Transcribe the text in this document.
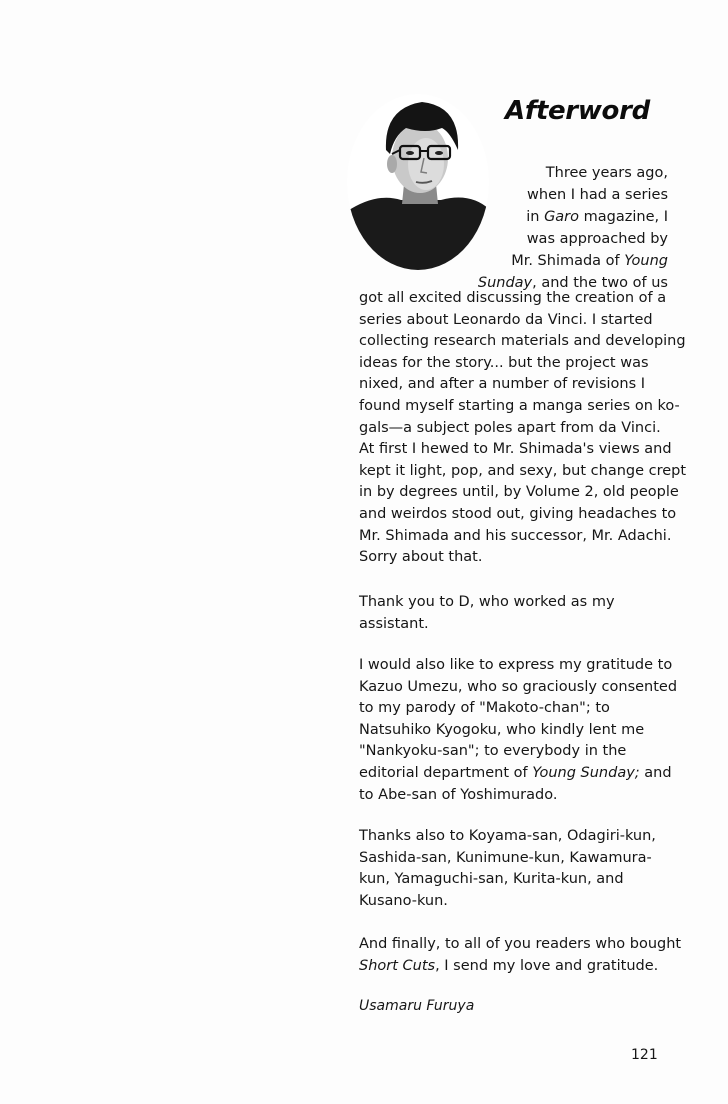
Afterword
Three years ago,
when I had a series
in Garo magazine, I
was approached by
Mr. Shimada of Young
Sunday, and the two of us

got all excited discussing the creation of a
series about Leonardo da Vinci. I started
collecting research materials and developing
ideas for the story... but the project was
nixed, and after a number of revisions I
found myself starting a manga series on ko-
gals—a subject poles apart from da Vinci.
At first I hewed to Mr. Shimada's views and
kept it light, pop, and sexy, but change crept
in by degrees until, by Volume 2, old people
and weirdos stood out, giving headaches to
Mr. Shimada and his successor, Mr. Adachi.
Sorry about that.

Thank you to D, who worked as my
assistant.

I would also like to express my gratitude to
Kazuo Umezu, who so graciously consented
to my parody of "Makoto-chan"; to
Natsuhiko Kyogoku, who kindly lent me
"Nankyoku-san"; to everybody in the
editorial department of Young Sunday; and
to Abe-san of Yoshimurado.

Thanks also to Koyama-san, Odagiri-kun,
Sashida-san, Kunimune-kun, Kawamura-
kun, Yamaguchi-san, Kurita-kun, and
Kusano-kun.

And finally, to all of you readers who bought
Short Cuts, I send my love and gratitude.

Usamaru Furuya
121
